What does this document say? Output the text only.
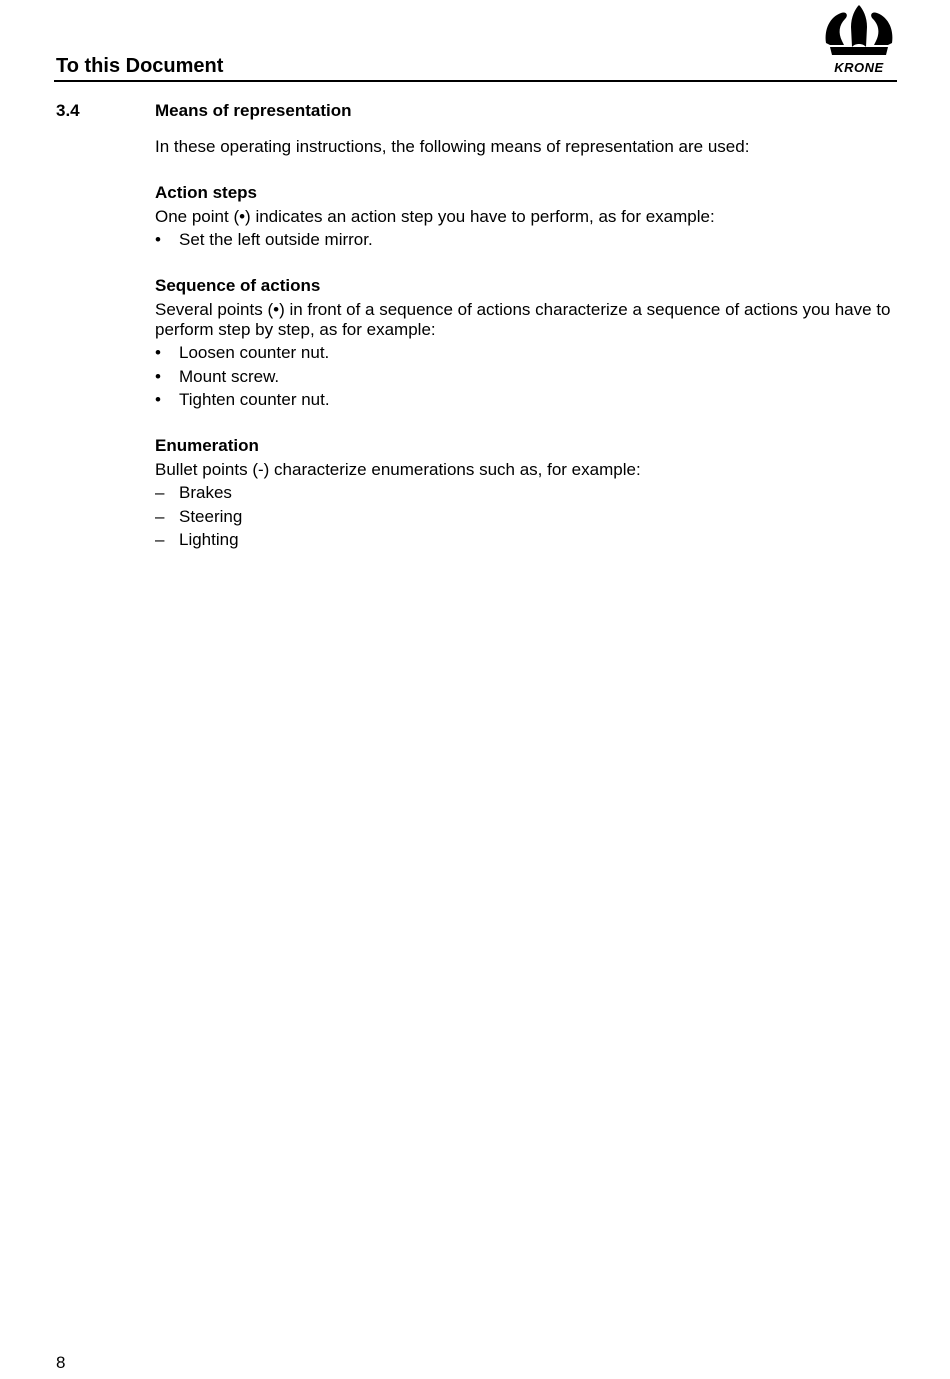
To this Document	KRONE
3.4	Means of representation

In these operating instructions, the following means of representation are used:

Action steps

One point (•) indicates an action step you have to perform, as for example:

•	Set the left outside mirror.

Sequence of actions

Several points (•) in front of a sequence of actions characterize a sequence of actions you have to perform step by step, as for example:

•	Loosen counter nut.
•	Mount screw.
•	Tighten counter nut.

Enumeration

Bullet points (-) characterize enumerations such as, for example:

– Brakes
– Steering
– Lighting
8
